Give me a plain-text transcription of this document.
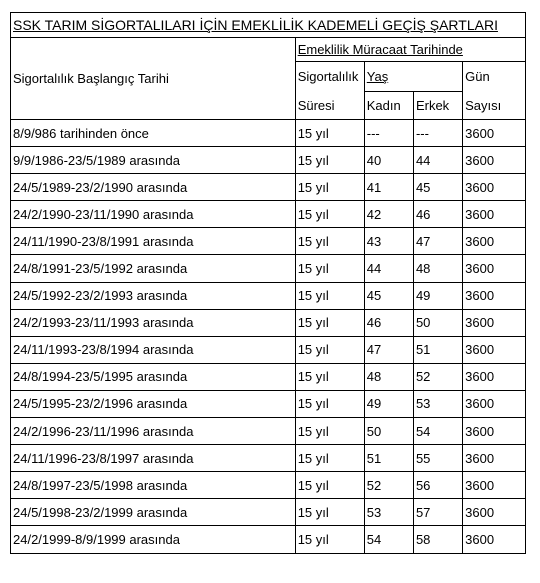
SSK TARIM SİGORTALILARI İÇİN EMEKLİLİK KADEMELİ GEÇİŞ ŞARTLARI				
Sigortalılık Başlangıç Tarihi	Emeklilik Müracaat Tarihinde			
	Sigortalılık	Yaş		Gün
	Süresi	Kadın	Erkek	Sayısı
8/9/986 tarihinden önce	15 yıl	---	---	3600
9/9/1986-23/5/1989 arasında	15 yıl	40	44	3600
24/5/1989-23/2/1990 arasında	15 yıl	41	45	3600
24/2/1990-23/11/1990 arasında	15 yıl	42	46	3600
24/11/1990-23/8/1991 arasında	15 yıl	43	47	3600
24/8/1991-23/5/1992 arasında	15 yıl	44	48	3600
24/5/1992-23/2/1993 arasında	15 yıl	45	49	3600
24/2/1993-23/11/1993 arasında	15 yıl	46	50	3600
24/11/1993-23/8/1994 arasında	15 yıl	47	51	3600
24/8/1994-23/5/1995 arasında	15 yıl	48	52	3600
24/5/1995-23/2/1996 arasında	15 yıl	49	53	3600
24/2/1996-23/11/1996 arasında	15 yıl	50	54	3600
24/11/1996-23/8/1997 arasında	15 yıl	51	55	3600
24/8/1997-23/5/1998 arasında	15 yıl	52	56	3600
24/5/1998-23/2/1999 arasında	15 yıl	53	57	3600
24/2/1999-8/9/1999 arasında	15 yıl	54	58	3600
